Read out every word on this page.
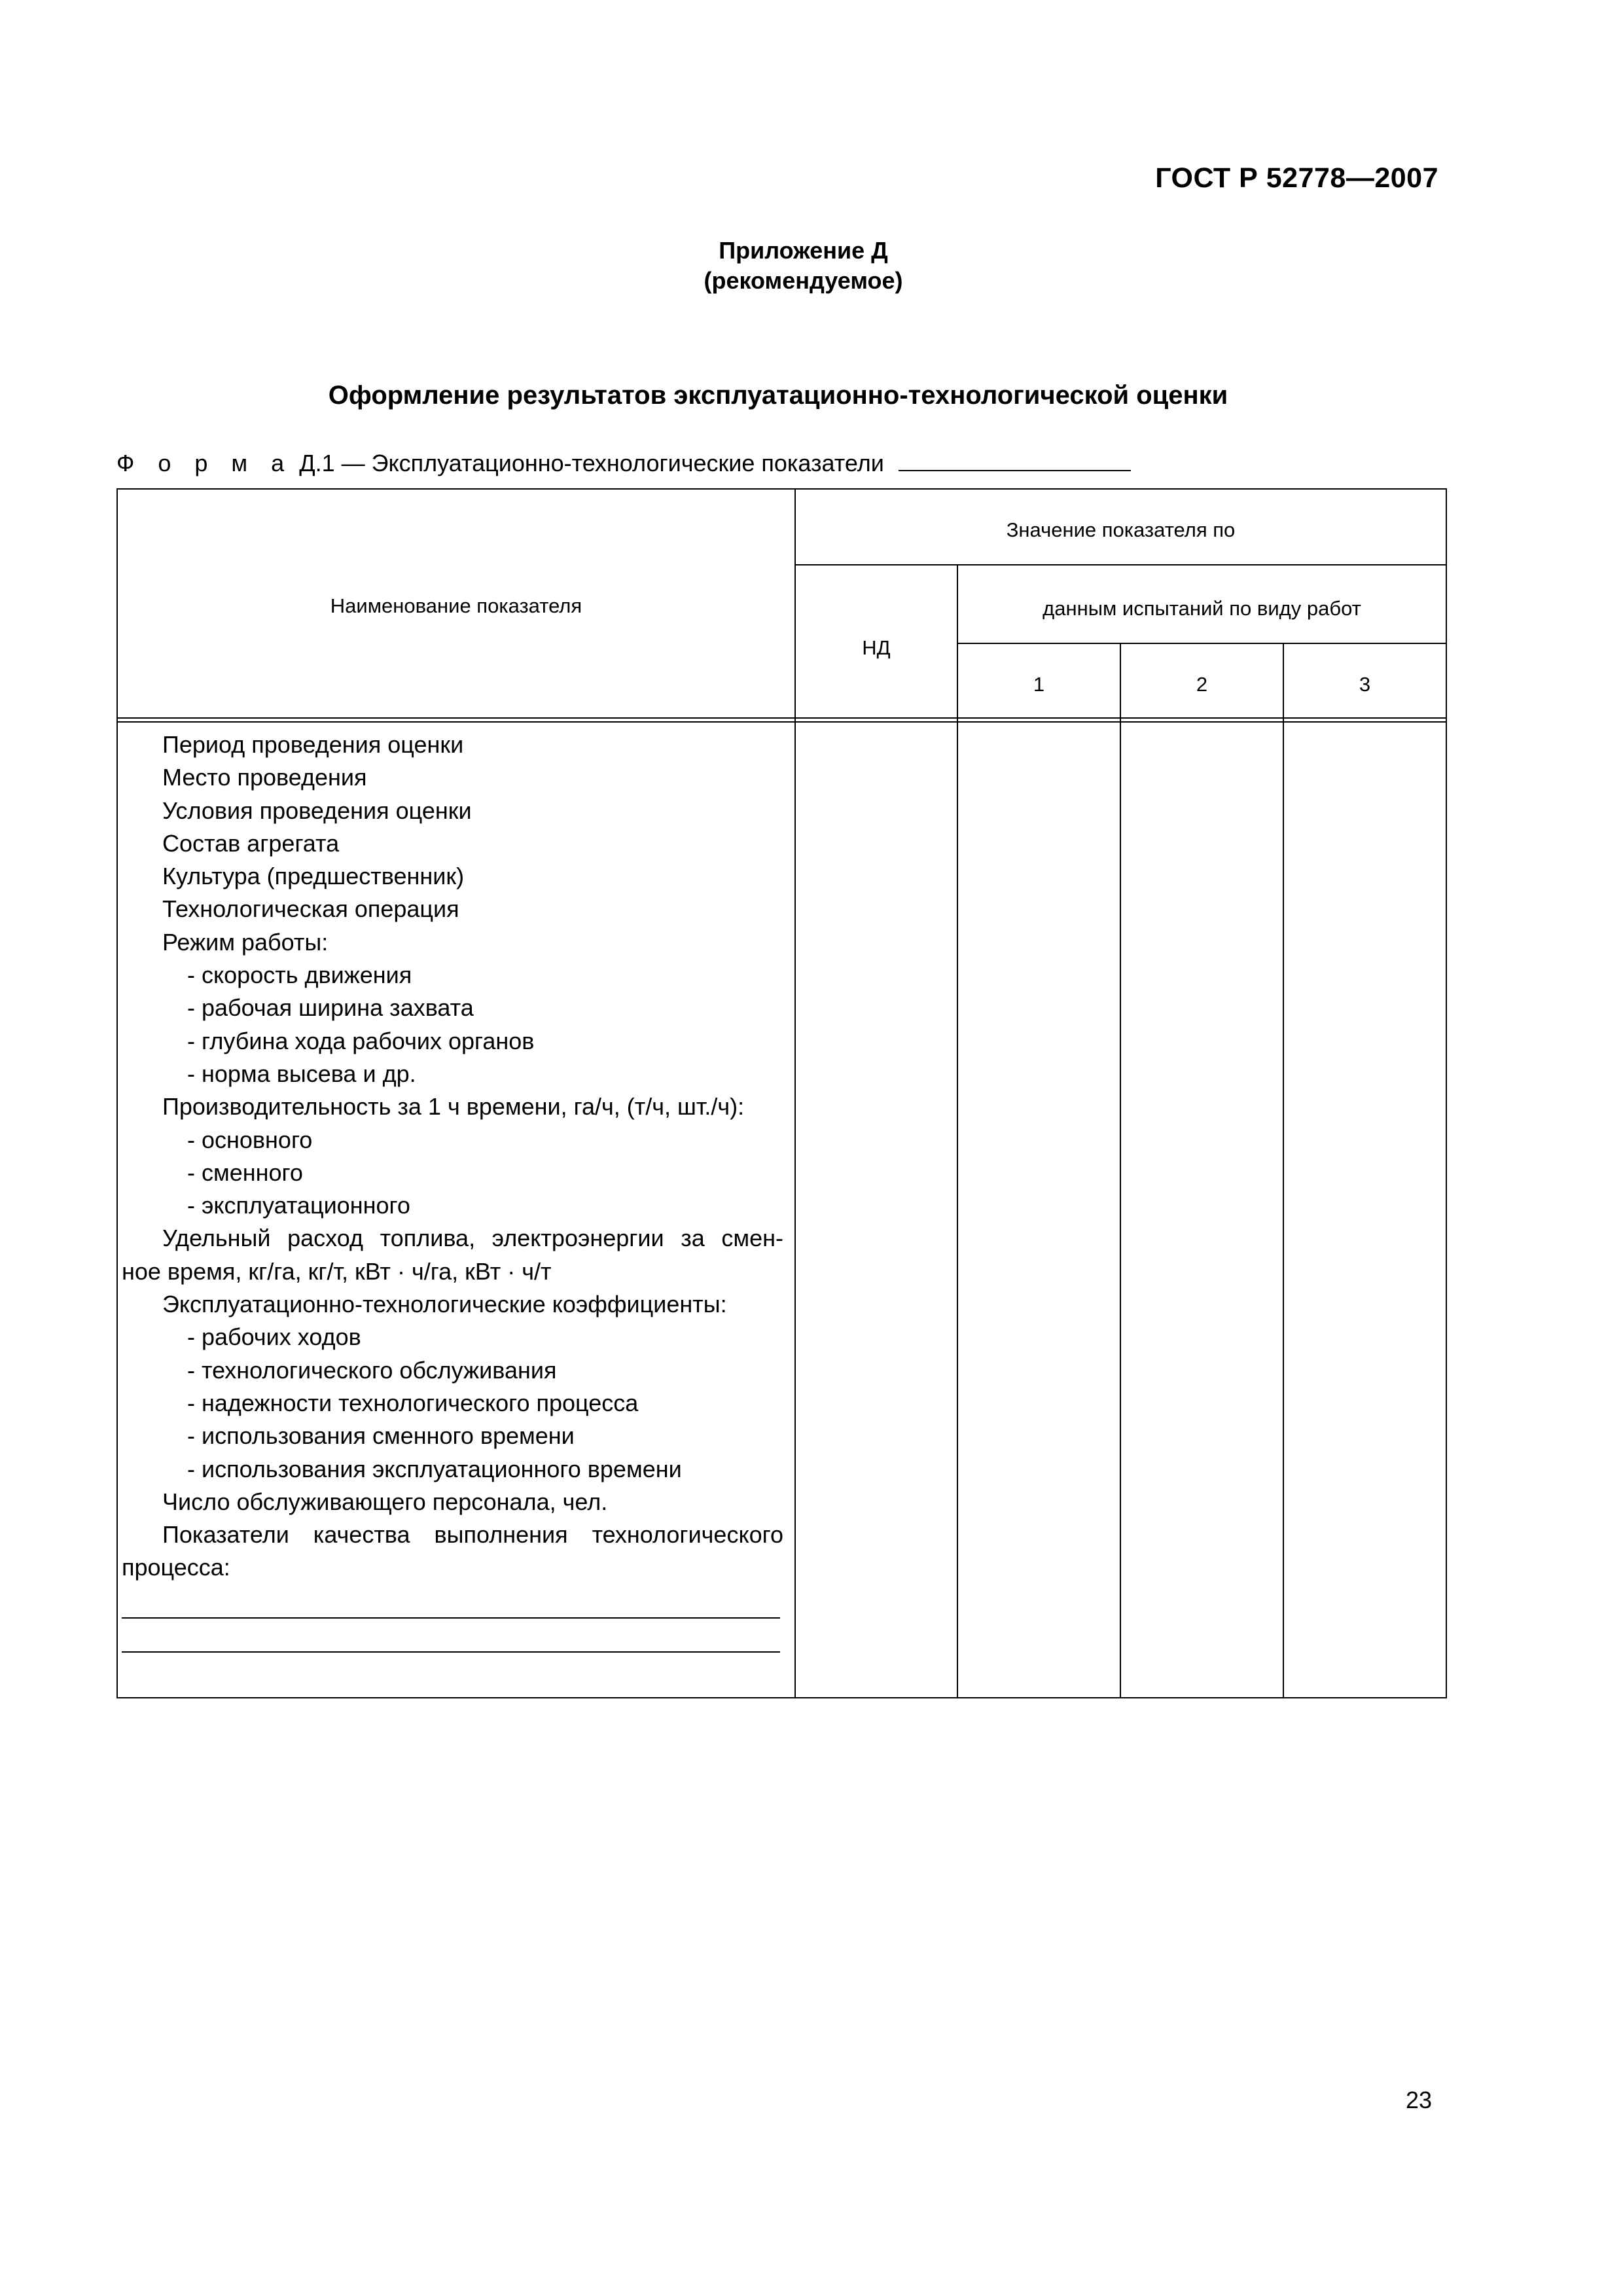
ГОСТ Р 52778—2007
Приложение Д
(рекомендуемое)
Оформление результатов эксплуатационно-технологической оценки
Ф о р м а Д.1 — Эксплуатационно-технологические показатели
Наименование показателя
Значение показателя по
НД
данным испытаний по виду работ
1	2	3
Период проведения оценки
Место проведения
Условия проведения оценки
Состав агрегата
Культура (предшественник)
Технологическая операция
Режим работы:
- скорость движения
- рабочая ширина захвата
- глубина хода рабочих органов
- норма высева и др.
Производительность за 1 ч времени, га/ч, (т/ч, шт./ч):
- основного
- сменного
- эксплуатационного
Удельный расход топлива, электроэнергии за смен-
ное время, кг/га, кг/т, кВт · ч/га, кВт · ч/т
Эксплуатационно-технологические коэффициенты:
- рабочих ходов
- технологического обслуживания
- надежности технологического процесса
- использования сменного времени
- использования эксплуатационного времени
Число обслуживающего персонала, чел.
Показатели качества выполнения технологического
процесса:
23
